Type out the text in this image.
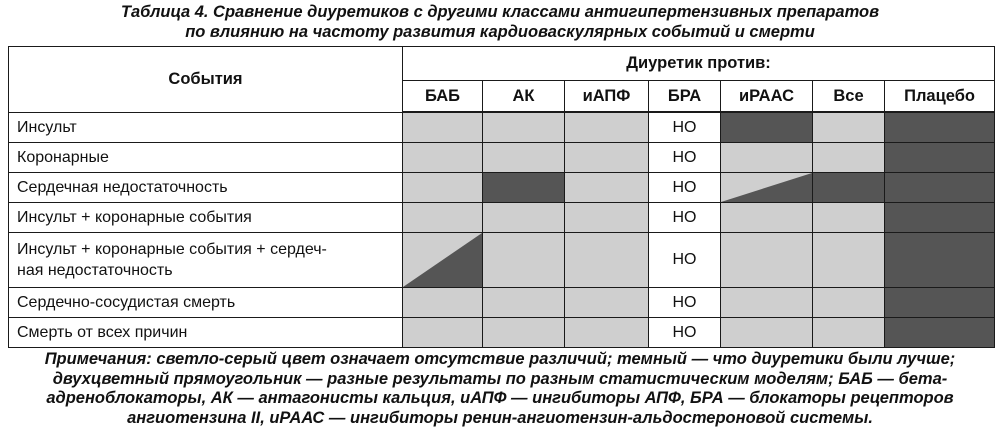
Таблица 4. Сравнение диуретиков с другими классами антигипертензивных препаратов
по влиянию на частоту развития кардиоваскулярных событий и смерти
События	Диуретик против:						
	БАБ	АК	иАПФ	БРА	иРААС	Все	Плацебо
Инсульт				НО			
Коронарные				НО			
Сердечная недостаточность				НО	

Инсульт + коронарные события				НО			

Инсульт + коронарные события + сердеч-
ная недостаточность				НО			
Сердечно-сосудистая смерть				НО			
Смерть от всех причин				НО			
Примечания: светло-серый цвет означает отсутствие различий; темный — что диуретики были лучше;
двухцветный прямоугольник — разные результаты по разным статистическим моделям; БАБ — бета-
адреноблокаторы, АК — антагонисты кальция, иАПФ — ингибиторы АПФ, БРА — блокаторы рецепторов
ангиотензина II, иРААС — ингибиторы ренин-ангиотензин-альдостероновой системы.
